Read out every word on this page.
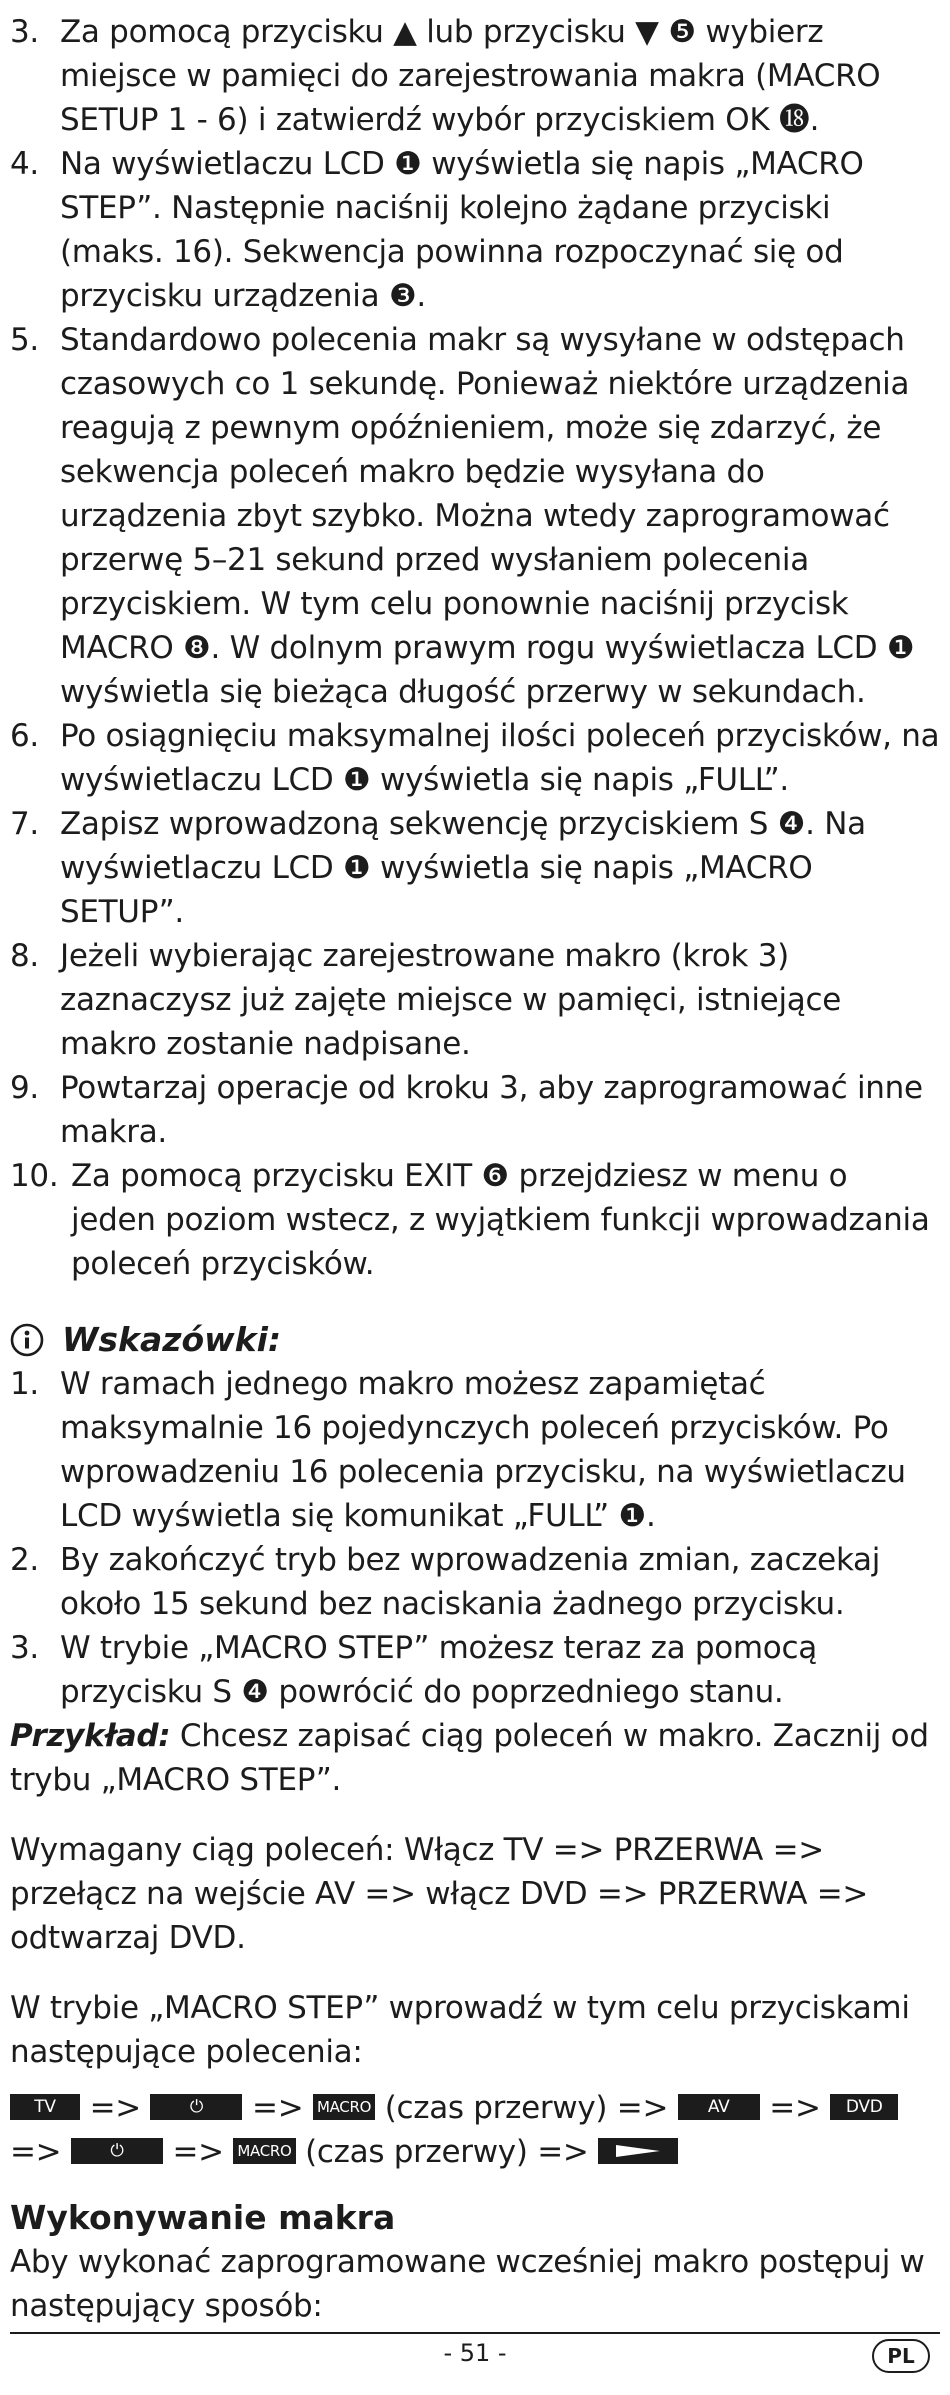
3. Za pomocą przycisku ▲ lub przycisku ▼ ❺ wybierz miejsce w pamięci do zarejestrowania makra (MACRO SETUP 1 - 6) i zatwierdź wybór przyciskiem OK ⓲.
4. Na wyświetlaczu LCD ❶ wyświetla się napis „MACRO STEP”. Następnie naciśnij kolejno żądane przyciski (maks. 16). Sekwencja powinna rozpoczynać się od przycisku urządzenia ❸.
5. Standardowo polecenia makr są wysyłane w odstępach czasowych co 1 sekundę. Ponieważ niektóre urządzenia reagują z pewnym opóźnieniem, może się zdarzyć, że sekwencja poleceń makro będzie wysyłana do urządzenia zbyt szybko. Można wtedy zaprogramować przerwę 5–21 sekund przed wysłaniem polecenia przyciskiem. W tym celu ponownie naciśnij przycisk MACRO ❽. W dolnym prawym rogu wyświetlacza LCD ❶ wyświetla się bieżąca długość przerwy w sekundach.
6. Po osiągnięciu maksymalnej ilości poleceń przycisków, na wyświetlaczu LCD ❶ wyświetla się napis „FULL”.
7. Zapisz wprowadzoną sekwencję przyciskiem S ❹. Na wyświetlaczu LCD ❶ wyświetla się napis „MACRO SETUP”.
8. Jeżeli wybierając zarejestrowane makro (krok 3) zaznaczysz już zajęte miejsce w pamięci, istniejące makro zostanie nadpisane.
9. Powtarzaj operacje od kroku 3, aby zaprogramować inne makra.
10. Za pomocą przycisku EXIT ❻ przejdziesz w menu o jeden poziom wstecz, z wyjątkiem funkcji wprowadzania poleceń przycisków.
Wskazówki:
1. W ramach jednego makro możesz zapamiętać maksymalnie 16 pojedynczych poleceń przycisków. Po wprowadzeniu 16 polecenia przycisku, na wyświetlaczu LCD wyświetla się komunikat „FULL” ❶.
2. By zakończyć tryb bez wprowadzenia zmian, zaczekaj około 15 sekund bez naciskania żadnego przycisku.
3. W trybie „MACRO STEP” możesz teraz za pomocą przycisku S ❹ powrócić do poprzedniego stanu.
Przykład: Chcesz zapisać ciąg poleceń w makro. Zacznij od trybu „MACRO STEP”.
Wymagany ciąg poleceń: Włącz TV => PRZERWA => przełącz na wejście AV => włącz DVD => PRZERWA => odtwarzaj DVD.
W trybie „MACRO STEP” wprowadź w tym celu przyciskami następujące polecenia:
TV =>	⏻ => MACRO (czas przerwy) => AV => DVD
=>	⏻ => MACRO (czas przerwy) =>
Wykonywanie makra
Aby wykonać zaprogramowane wcześniej makro postępuj w następujący sposób:
- 51 -	PL
